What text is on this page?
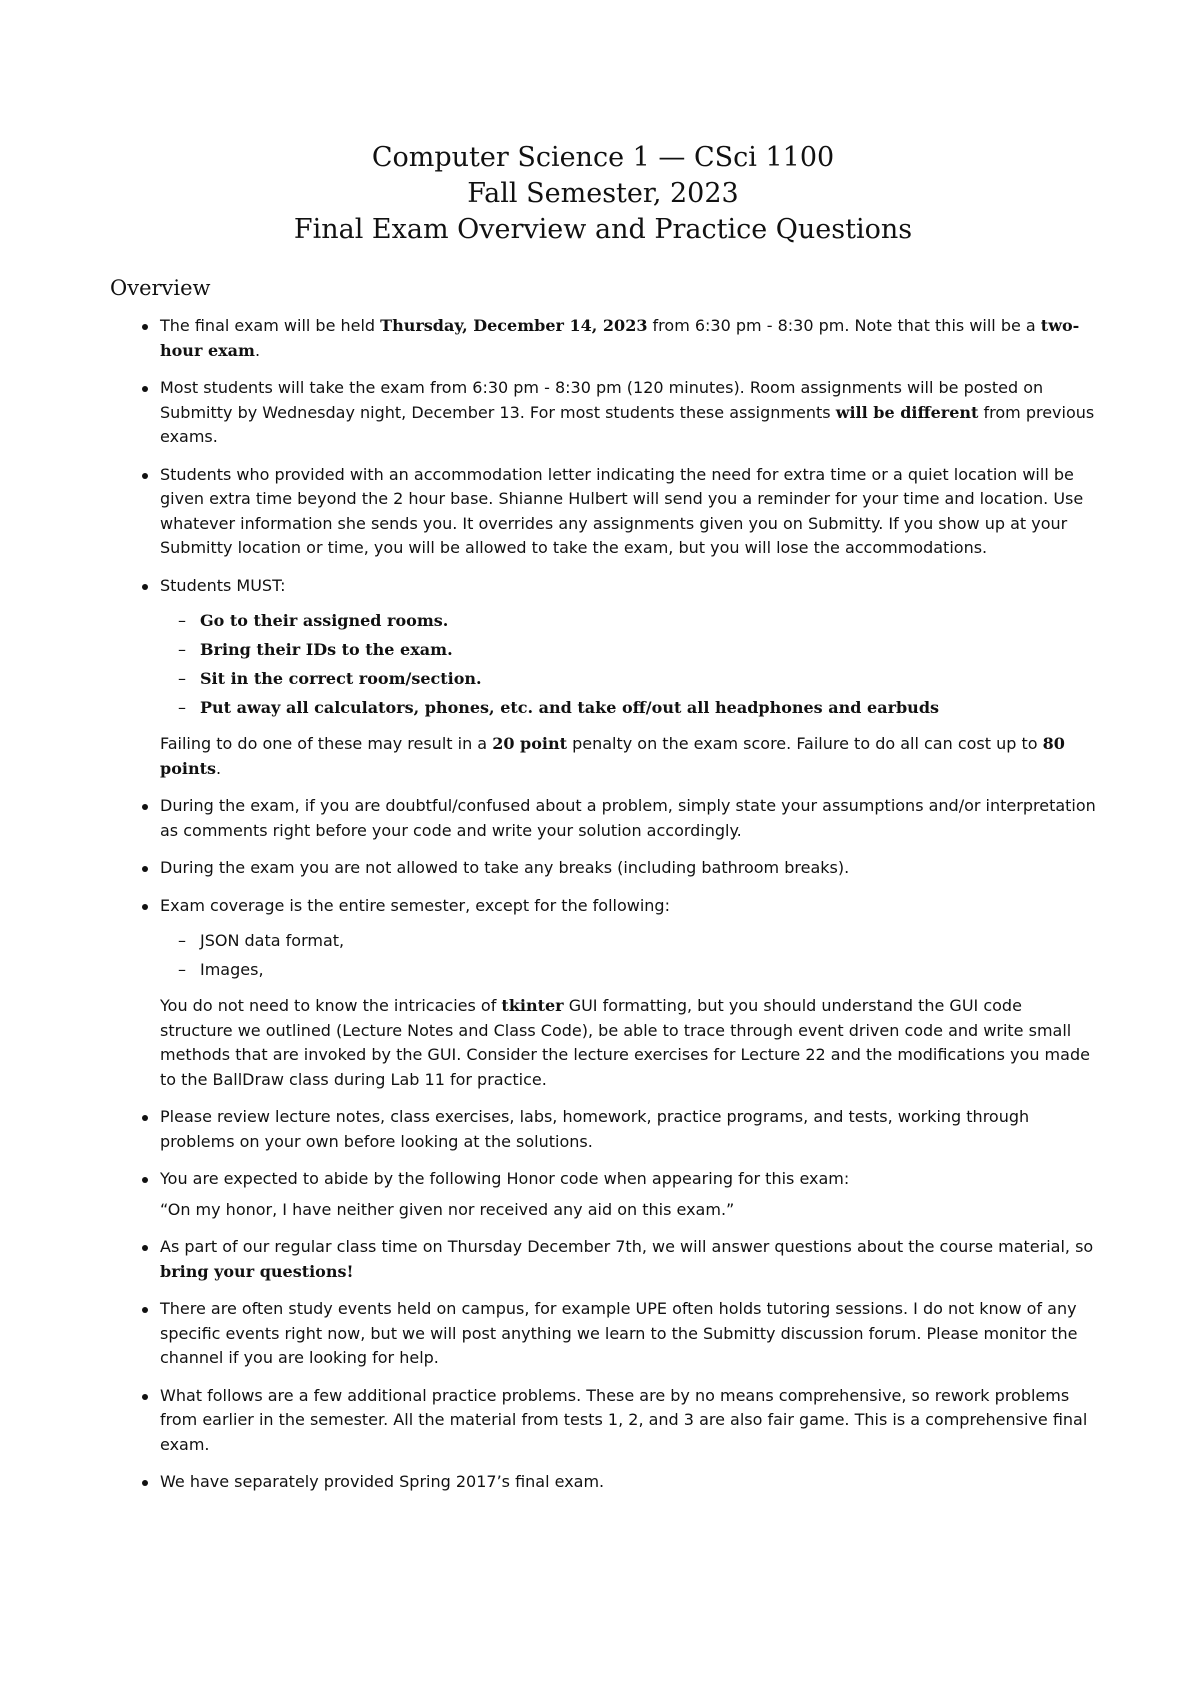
Computer Science 1 — CSci 1100
Fall Semester, 2023
Final Exam Overview and Practice Questions
Overview
The final exam will be held Thursday, December 14, 2023 from 6:30 pm - 8:30 pm. Note that this will be a two-hour exam.
Most students will take the exam from 6:30 pm - 8:30 pm (120 minutes). Room assignments will be posted on Submitty by Wednesday night, December 13. For most students these assignments will be different from previous exams.
Students who provided with an accommodation letter indicating the need for extra time or a quiet location will be given extra time beyond the 2 hour base. Shianne Hulbert will send you a reminder for your time and location. Use whatever information she sends you. It overrides any assignments given you on Submitty. If you show up at your Submitty location or time, you will be allowed to take the exam, but you will lose the accommodations.
Students MUST:
– Go to their assigned rooms.
– Bring their IDs to the exam.
– Sit in the correct room/section.
– Put away all calculators, phones, etc. and take off/out all headphones and earbuds
Failing to do one of these may result in a 20 point penalty on the exam score. Failure to do all can cost up to 80 points.
During the exam, if you are doubtful/confused about a problem, simply state your assumptions and/or interpretation as comments right before your code and write your solution accordingly.
During the exam you are not allowed to take any breaks (including bathroom breaks).
Exam coverage is the entire semester, except for the following:
– JSON data format,
– Images,
You do not need to know the intricacies of tkinter GUI formatting, but you should understand the GUI code structure we outlined (Lecture Notes and Class Code), be able to trace through event driven code and write small methods that are invoked by the GUI. Consider the lecture exercises for Lecture 22 and the modifications you made to the BallDraw class during Lab 11 for practice.
Please review lecture notes, class exercises, labs, homework, practice programs, and tests, working through problems on your own before looking at the solutions.
You are expected to abide by the following Honor code when appearing for this exam:
“On my honor, I have neither given nor received any aid on this exam.”
As part of our regular class time on Thursday December 7th, we will answer questions about the course material, so bring your questions!
There are often study events held on campus, for example UPE often holds tutoring sessions. I do not know of any specific events right now, but we will post anything we learn to the Submitty discussion forum. Please monitor the channel if you are looking for help.
What follows are a few additional practice problems. These are by no means comprehensive, so rework problems from earlier in the semester. All the material from tests 1, 2, and 3 are also fair game. This is a comprehensive final exam.
We have separately provided Spring 2017’s final exam.
